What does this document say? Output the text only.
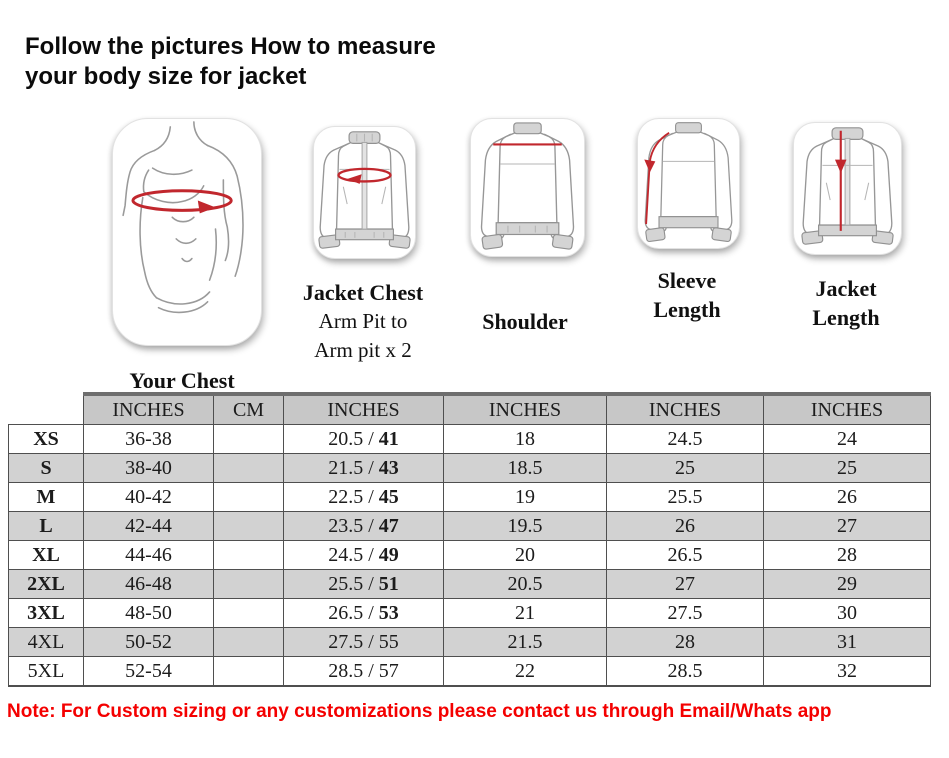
Follow the pictures How to measure
your body size for jacket
Your Chest
Jacket Chest
Arm Pit to
Arm pit x 2
Shoulder
Sleeve
Length
Jacket
Length
	INCHES	CM	INCHES	INCHES	INCHES	INCHES
XS	36-38		20.5 / 41	18	24.5	24
S	38-40		21.5 / 43	18.5	25	25
M	40-42		22.5 / 45	19	25.5	26
L	42-44		23.5 / 47	19.5	26	27
XL	44-46		24.5 / 49	20	26.5	28
2XL	46-48		25.5 / 51	20.5	27	29
3XL	48-50		26.5 / 53	21	27.5	30
4XL	50-52		27.5 / 55	21.5	28	31
5XL	52-54		28.5 / 57	22	28.5	32
Note: For Custom sizing or any customizations please contact us through Email/Whats app
